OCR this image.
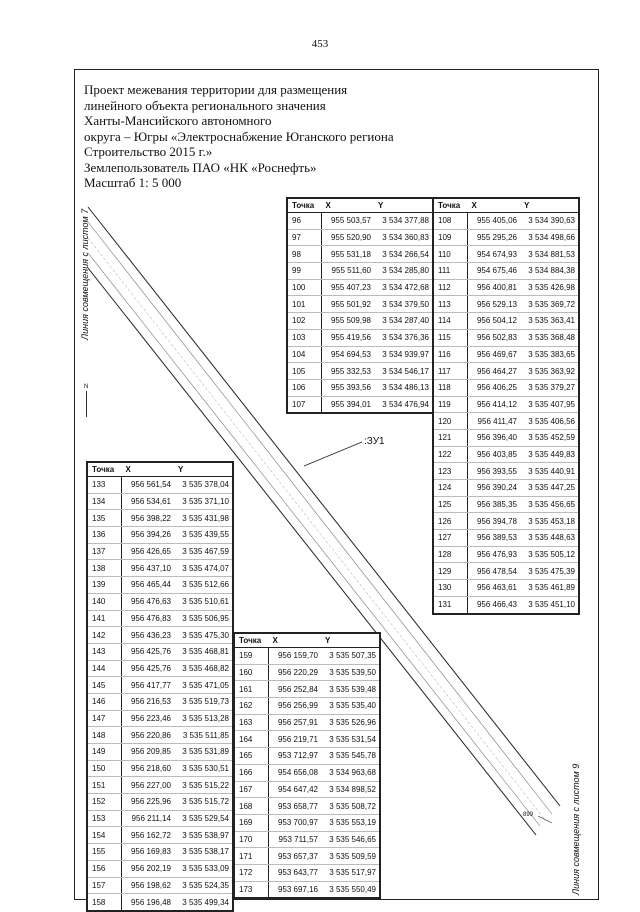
453
Проект межевания территории для размещения
линейного объекта регионального значения
Ханты-Мансийского автономного
округа – Югры «Электроснабжение Юганского региона
Строительство 2015 г.»
Землепользователь ПАО «НК «Роснефть»
Масштаб 1: 5 000
Линия совмещения с листом 7
Линия совмещения с листом 9
N
:ЗУ1
899
Точка	X	Y
96	955 503,57	3 534 377,88
97	955 520,90	3 534 360,83
98	955 531,18	3 534 266,54
99	955 511,60	3 534 285,80
100	955 407,23	3 534 472,68
101	955 501,92	3 534 379,50
102	955 509,98	3 534 287,40
103	955 419,56	3 534 376,36
104	954 694,53	3 534 939,97
105	955 332,53	3 534 546,17
106	955 393,56	3 534 486,13
107	955 394,01	3 534 476,94
Точка	X	Y
108	955 405,06	3 534 390,63
109	955 295,26	3 534 498,66
110	954 674,93	3 534 881,53
111	954 675,46	3 534 884,38
112	956 400,81	3 535 426,98
113	956 529,13	3 535 369,72
114	956 504,12	3 535 363,41
115	956 502,83	3 535 368,48
116	956 469,67	3 535 383,65
117	956 464,27	3 535 363,92
118	956 406,25	3 535 379,27
119	956 414,12	3 535 407,95
120	956 411,47	3 535 406,56
121	956 396,40	3 535 452,59
122	956 403,85	3 535 449,83
123	956 393,55	3 535 440,91
124	956 390,24	3 535 447,25
125	956 385,35	3 535 456,65
126	956 394,78	3 535 453,18
127	956 389,53	3 535 448,63
128	956 476,93	3 535 505,12
129	956 478,54	3 535 475,39
130	956 463,61	3 535 461,89
131	956 466,43	3 535 451,10
Точка	X	Y
133	956 561,54	3 535 378,04
134	956 534,61	3 535 371,10
135	956 398,22	3 535 431,98
136	956 394,26	3 535 439,55
137	956 426,65	3 535 467,59
138	956 437,10	3 535 474,07
139	956 465,44	3 535 512,66
140	956 476,63	3 535 510,61
141	956 476,83	3 535 506,95
142	956 436,23	3 535 475,30
143	956 425,76	3 535 468,81
144	956 425,76	3 535 468,82
145	956 417,77	3 535 471,05
146	956 216,53	3 535 519,73
147	956 223,46	3 535 513,28
148	956 220,86	3 535 511,85
149	956 209,85	3 535 531,89
150	956 218,60	3 535 530,51
151	956 227,00	3 535 515,22
152	956 225,96	3 535 515,72
153	956 211,14	3 535 529,54
154	956 162,72	3 535 538,97
155	956 169,83	3 535 538,17
156	956 202,19	3 535 533,09
157	956 198,62	3 535 524,35
158	956 196,48	3 535 499,34
Точка	X	Y
159	956 159,70	3 535 507,35
160	956 220,29	3 535 539,50
161	956 252,84	3 535 539,48
162	956 256,99	3 535 535,40
163	956 257,91	3 535 526,96
164	956 219,71	3 535 531,54
165	953 712,97	3 535 545,78
166	954 656,08	3 534 963,68
167	954 647,42	3 534 898,52
168	953 658,77	3 535 508,72
169	953 700,97	3 535 553,19
170	953 711,57	3 535 546,65
171	953 657,37	3 535 509,59
172	953 643,77	3 535 517,97
173	953 697,16	3 535 550,49
